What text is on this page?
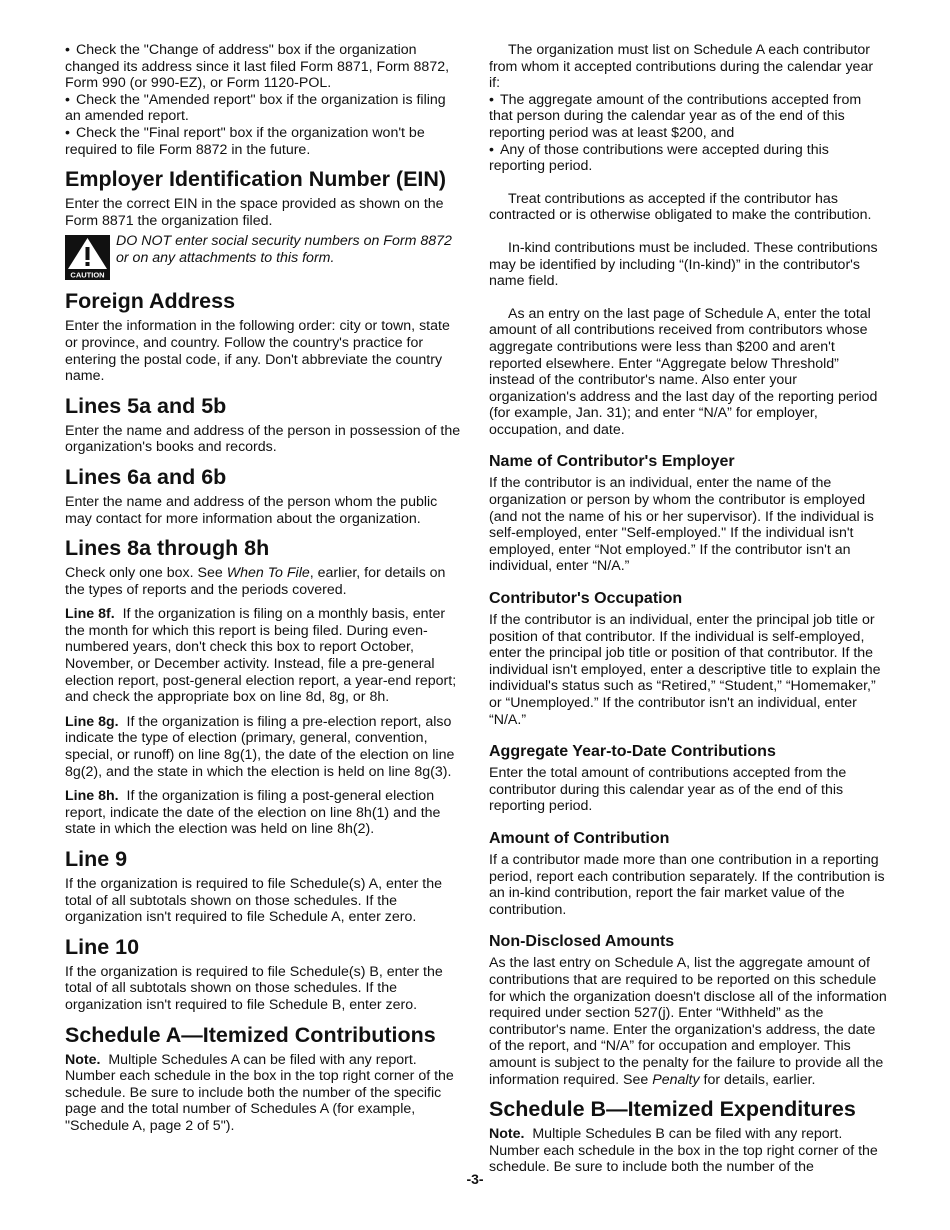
• Check the "Change of address" box if the organization changed its address since it last filed Form 8871, Form 8872, Form 990 (or 990-EZ), or Form 1120-POL.

• Check the "Amended report" box if the organization is filing an amended report.

• Check the "Final report" box if the organization won't be required to file Form 8872 in the future.

Employer Identification Number (EIN)

Enter the correct EIN in the space provided as shown on the Form 8871 the organization filed.

CAUTION

DO NOT enter social security numbers on Form 8872 or on any attachments to this form.

Foreign Address

Enter the information in the following order: city or town, state or province, and country. Follow the country's practice for entering the postal code, if any. Don't abbreviate the country name.

Lines 5a and 5b

Enter the name and address of the person in possession of the organization's books and records.

Lines 6a and 6b

Enter the name and address of the person whom the public may contact for more information about the organization.

Lines 8a through 8h

Check only one box. See When To File, earlier, for details on the types of reports and the periods covered.

Line 8f. If the organization is filing on a monthly basis, enter the month for which this report is being filed. During even-numbered years, don't check this box to report October, November, or December activity. Instead, file a pre-general election report, post-general election report, a year-end report; and check the appropriate box on line 8d, 8g, or 8h.

Line 8g. If the organization is filing a pre-election report, also indicate the type of election (primary, general, convention, special, or runoff) on line 8g(1), the date of the election on line 8g(2), and the state in which the election is held on line 8g(3).

Line 8h. If the organization is filing a post-general election report, indicate the date of the election on line 8h(1) and the state in which the election was held on line 8h(2).

Line 9

If the organization is required to file Schedule(s) A, enter the total of all subtotals shown on those schedules. If the organization isn't required to file Schedule A, enter zero.

Line 10

If the organization is required to file Schedule(s) B, enter the total of all subtotals shown on those schedules. If the organization isn't required to file Schedule B, enter zero.

Schedule A—Itemized Contributions

Note. Multiple Schedules A can be filed with any report. Number each schedule in the box in the top right corner of the schedule. Be sure to include both the number of the specific page and the total number of Schedules A (for example, "Schedule A, page 2 of 5").

The organization must list on Schedule A each contributor from whom it accepted contributions during the calendar year if:

• The aggregate amount of the contributions accepted from that person during the calendar year as of the end of this reporting period was at least $200, and

• Any of those contributions were accepted during this reporting period.

Treat contributions as accepted if the contributor has contracted or is otherwise obligated to make the contribution.

In-kind contributions must be included. These contributions may be identified by including “(In-kind)” in the contributor's name field.

As an entry on the last page of Schedule A, enter the total amount of all contributions received from contributors whose aggregate contributions were less than $200 and aren't reported elsewhere. Enter “Aggregate below Threshold” instead of the contributor's name. Also enter your organization's address and the last day of the reporting period (for example, Jan. 31); and enter “N/A” for employer, occupation, and date.

Name of Contributor's Employer

If the contributor is an individual, enter the name of the organization or person by whom the contributor is employed (and not the name of his or her supervisor). If the individual is self-employed, enter "Self-employed." If the individual isn't employed, enter “Not employed.” If the contributor isn't an individual, enter “N/A.”

Contributor's Occupation

If the contributor is an individual, enter the principal job title or position of that contributor. If the individual is self-employed, enter the principal job title or position of that contributor. If the individual isn't employed, enter a descriptive title to explain the individual's status such as “Retired,” “Student,” “Homemaker,” or “Unemployed.” If the contributor isn't an individual, enter “N/A.”

Aggregate Year-to-Date Contributions

Enter the total amount of contributions accepted from the contributor during this calendar year as of the end of this reporting period.

Amount of Contribution

If a contributor made more than one contribution in a reporting period, report each contribution separately. If the contribution is an in-kind contribution, report the fair market value of the contribution.

Non-Disclosed Amounts

As the last entry on Schedule A, list the aggregate amount of contributions that are required to be reported on this schedule for which the organization doesn't disclose all of the information required under section 527(j). Enter “Withheld” as the contributor's name. Enter the organization's address, the date of the report, and “N/A” for occupation and employer. This amount is subject to the penalty for the failure to provide all the information required. See Penalty for details, earlier.

Schedule B—Itemized Expenditures

Note. Multiple Schedules B can be filed with any report. Number each schedule in the box in the top right corner of the schedule. Be sure to include both the number of the

-3-
